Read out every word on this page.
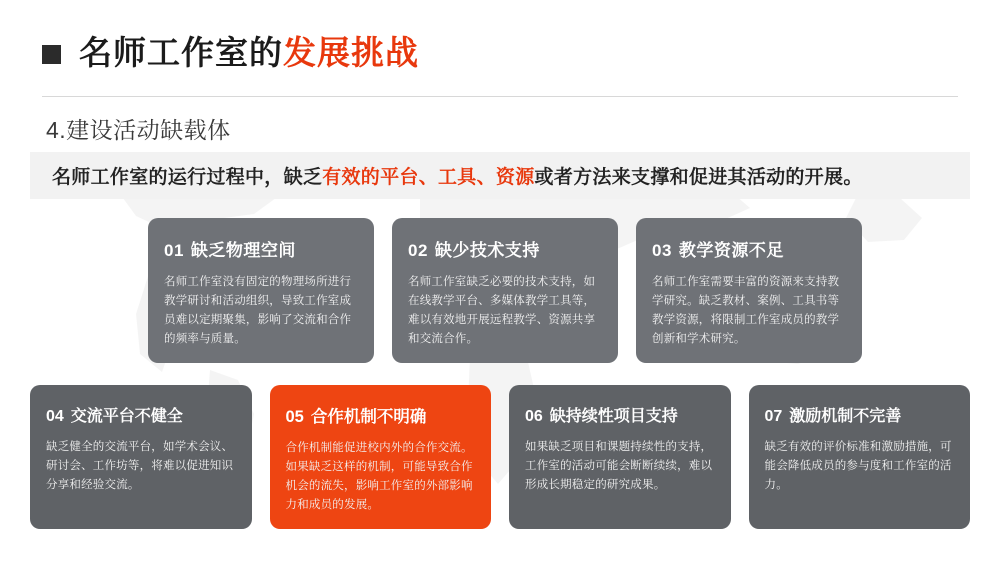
名师工作室的发展挑战
4.建设活动缺载体
名师工作室的运行过程中，缺乏有效的平台、工具、资源或者方法来支撑和促进其活动的开展。
01 缺乏物理空间
名师工作室没有固定的物理场所进行教学研讨和活动组织，导致工作室成员难以定期聚集，影响了交流和合作的频率与质量。
02 缺少技术支持
名师工作室缺乏必要的技术支持，如在线教学平台、多媒体教学工具等，难以有效地开展远程教学、资源共享和交流合作。
03 教学资源不足
名师工作室需要丰富的资源来支持教学研究。缺乏教材、案例、工具书等教学资源，将限制工作室成员的教学创新和学术研究。
04 交流平台不健全
缺乏健全的交流平台，如学术会议、研讨会、工作坊等，将难以促进知识分享和经验交流。
05 合作机制不明确
合作机制能促进校内外的合作交流。如果缺乏这样的机制，可能导致合作机会的流失，影响工作室的外部影响力和成员的发展。
06 缺持续性项目支持
如果缺乏项目和课题持续性的支持，工作室的活动可能会断断续续，难以形成长期稳定的研究成果。
07 激励机制不完善
缺乏有效的评价标准和激励措施，可能会降低成员的参与度和工作室的活力。
